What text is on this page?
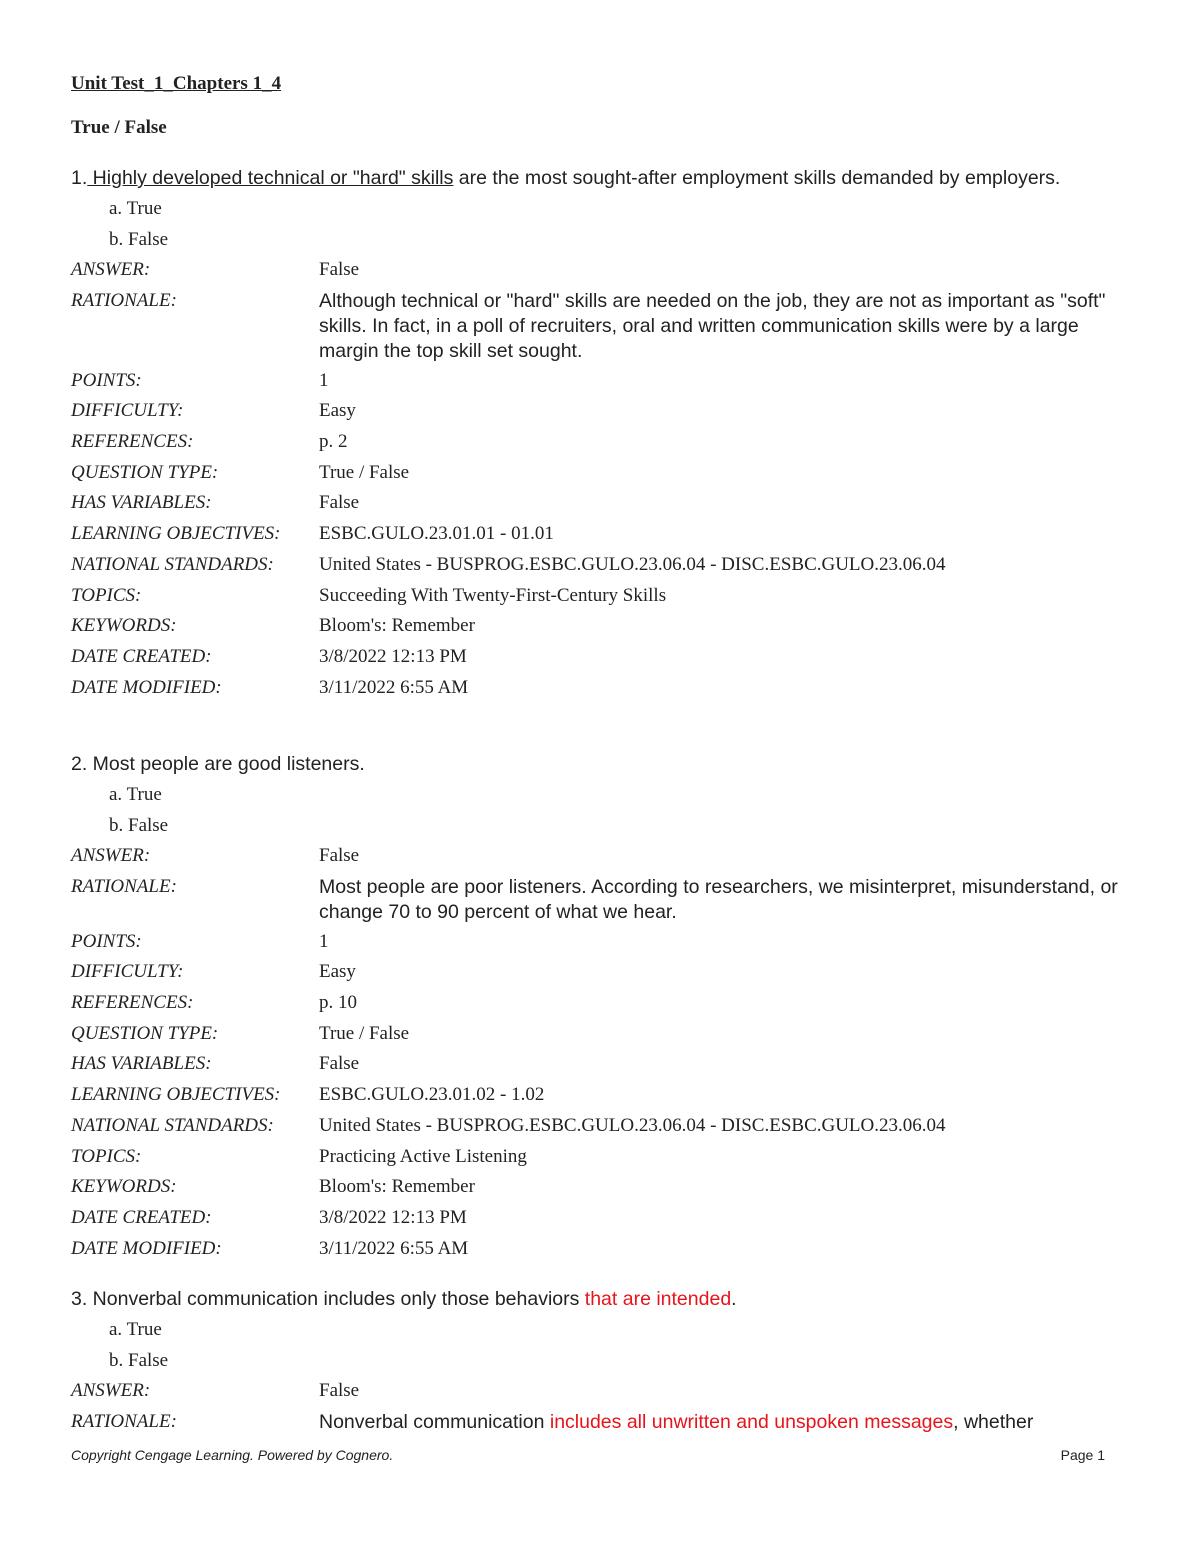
Unit Test_1_Chapters 1_4
True / False

1. Highly developed technical or "hard" skills are the most sought-after employment skills demanded by employers.

a. True
b. False
ANSWER:	False
RATIONALE:	Although technical or "hard" skills are needed on the job, they are not as important as "soft" skills. In fact, in a poll of recruiters, oral and written communication skills were by a large margin the top skill set sought.
POINTS:	1
DIFFICULTY:	Easy
REFERENCES:	p. 2
QUESTION TYPE:	True / False
HAS VARIABLES:	False
LEARNING OBJECTIVES:	ESBC.GULO.23.01.01 - 01.01
NATIONAL STANDARDS:	United States - BUSPROG.ESBC.GULO.23.06.04 - DISC.ESBC.GULO.23.06.04
TOPICS:	Succeeding With Twenty-First-Century Skills
KEYWORDS:	Bloom's: Remember
DATE CREATED:	3/8/2022 12:13 PM
DATE MODIFIED:	3/11/2022 6:55 AM

2. Most people are good listeners.

a. True
b. False
ANSWER:	False
RATIONALE:	Most people are poor listeners. According to researchers, we misinterpret, misunderstand, or change 70 to 90 percent of what we hear.
POINTS:	1
DIFFICULTY:	Easy
REFERENCES:	p. 10
QUESTION TYPE:	True / False
HAS VARIABLES:	False
LEARNING OBJECTIVES:	ESBC.GULO.23.01.02 - 1.02
NATIONAL STANDARDS:	United States - BUSPROG.ESBC.GULO.23.06.04 - DISC.ESBC.GULO.23.06.04
TOPICS:	Practicing Active Listening
KEYWORDS:	Bloom's: Remember
DATE CREATED:	3/8/2022 12:13 PM
DATE MODIFIED:	3/11/2022 6:55 AM

3. Nonverbal communication includes only those behaviors that are intended.

a. True
b. False
ANSWER:	False
RATIONALE:	Nonverbal communication includes all unwritten and unspoken messages, whether
Copyright Cengage Learning. Powered by Cognero.	Page 1
